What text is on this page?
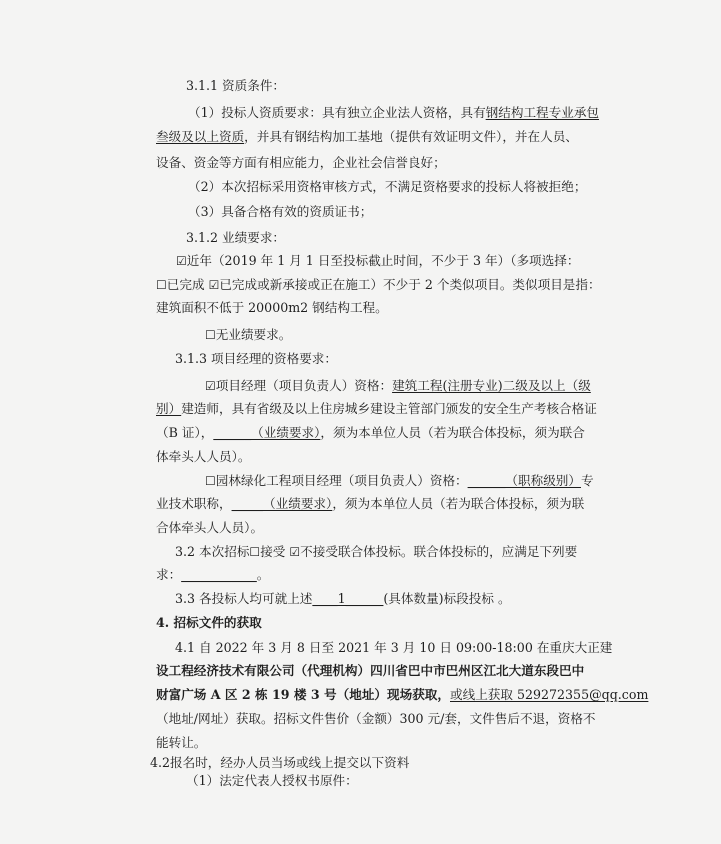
3.1.1 资质条件：
（1）投标人资质要求：具有独立企业法人资格，具有钢结构工程专业承包
叁级及以上资质，并具有钢结构加工基地（提供有效证明文件），并在人员、
设备、资金等方面有相应能力，企业社会信誉良好；
（2）本次招标采用资格审核方式，不满足资格要求的投标人将被拒绝；
（3）具备合格有效的资质证书；
3.1.2 业绩要求：
☑近年（2019 年 1 月 1 日至投标截止时间，不少于 3 年）（多项选择：
☐已完成 ☑已完成或新承接或正在施工）不少于 2 个类似项目。类似项目是指：
建筑面积不低于 20000m2 钢结构工程。
☐无业绩要求。
3.1.3 项目经理的资格要求：
☑项目经理（项目负责人）资格：建筑工程(注册专业)二级及以上（级
别）建造师，具有省级及以上住房城乡建设主管部门颁发的安全生产考核合格证
（B 证），______（业绩要求），须为本单位人员（若为联合体投标，须为联合
体牵头人人员）。
☐园林绿化工程项目经理（项目负责人）资格：______（职称级别）专
业技术职称，_____（业绩要求），须为本单位人员（若为联合体投标，须为联
合体牵头人人员）。
3.2 本次招标☐接受 ☑不接受联合体投标。联合体投标的，应满足下列要
求：____________。
3.3 各投标人均可就上述____1______(具体数量)标段投标 。
4. 招标文件的获取
4.1 自 2022 年 3 月 8 日至 2021 年 3 月 10 日 09:00-18:00 在重庆大正建
设工程经济技术有限公司（代理机构）四川省巴中市巴州区江北大道东段巴中
财富广场 A 区 2 栋 19 楼 3 号（地址）现场获取，或线上获取 529272355@qq.com
（地址/网址）获取。招标文件售价（金额）300 元/套，文件售后不退，资格不
能转让。
4.2报名时，经办人员当场或线上提交以下资料
（1）法定代表人授权书原件：
